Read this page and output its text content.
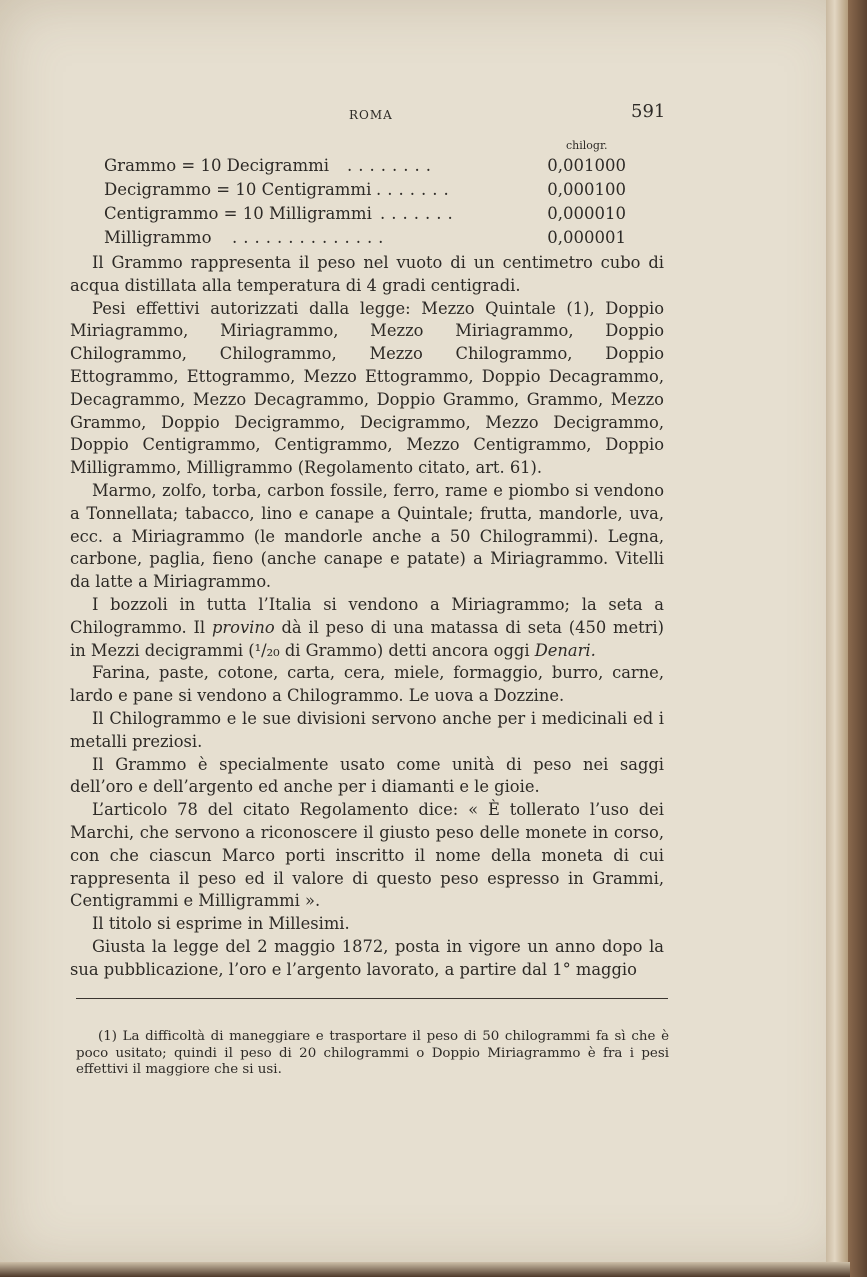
ROMA	591
chilogr.
........
Grammo = 10 Decigrammi	0,001000
.......
Decigrammo = 10 Centigrammi	0,000100
.......
Centigrammo = 10 Milligrammi	0,000010
..............
Milligrammo	0,000001

Il Grammo rappresenta il peso nel vuoto di un centimetro cubo di acqua distillata alla temperatura di 4 gradi centigradi.

Pesi effettivi autorizzati dalla legge: Mezzo Quintale (1), Doppio Miriagrammo, Miriagrammo, Mezzo Miriagrammo, Doppio Chilogrammo, Chilogrammo, Mezzo Chilogrammo, Doppio Ettogrammo, Ettogrammo, Mezzo Ettogrammo, Doppio Decagrammo, Decagrammo, Mezzo Decagrammo, Doppio Grammo, Grammo, Mezzo Grammo, Doppio Decigrammo, Decigrammo, Mezzo Decigrammo, Doppio Centigrammo, Centigrammo, Mezzo Centigrammo, Doppio Milligrammo, Milligrammo (Regolamento citato, art. 61).

Marmo, zolfo, torba, carbon fossile, ferro, rame e piombo si vendono a Tonnellata; tabacco, lino e canape a Quintale; frutta, mandorle, uva, ecc. a Miriagrammo (le mandorle anche a 50 Chilogrammi). Legna, carbone, paglia, fieno (anche canape e patate) a Miriagrammo. Vitelli da latte a Miriagrammo.

I bozzoli in tutta l’Italia si vendono a Miriagrammo; la seta a Chilogrammo. Il provino dà il peso di una matassa di seta (450 metri) in Mezzi decigrammi (¹/₂₀ di Grammo) detti ancora oggi Denari.

Farina, paste, cotone, carta, cera, miele, formaggio, burro, carne, lardo e pane si vendono a Chilogrammo. Le uova a Dozzine.

Il Chilogrammo e le sue divisioni servono anche per i medicinali ed i metalli preziosi.

Il Grammo è specialmente usato come unità di peso nei saggi dell’oro e dell’argento ed anche per i diamanti e le gioie.

L’articolo 78 del citato Regolamento dice: « È tollerato l’uso dei Marchi, che servono a riconoscere il giusto peso delle monete in corso, con che ciascun Marco porti inscritto il nome della moneta di cui rappresenta il peso ed il valore di questo peso espresso in Grammi, Centigrammi e Milligrammi ».

Il titolo si esprime in Millesimi.

Giusta la legge del 2 maggio 1872, posta in vigore un anno dopo la sua pubblicazione, l’oro e l’argento lavorato, a partire dal 1° maggio

(1) La difficoltà di maneggiare e trasportare il peso di 50 chilogrammi fa sì che è poco usitato; quindi il peso di 20 chilogrammi o Doppio Miriagrammo è fra i pesi effettivi il maggiore che si usi.
